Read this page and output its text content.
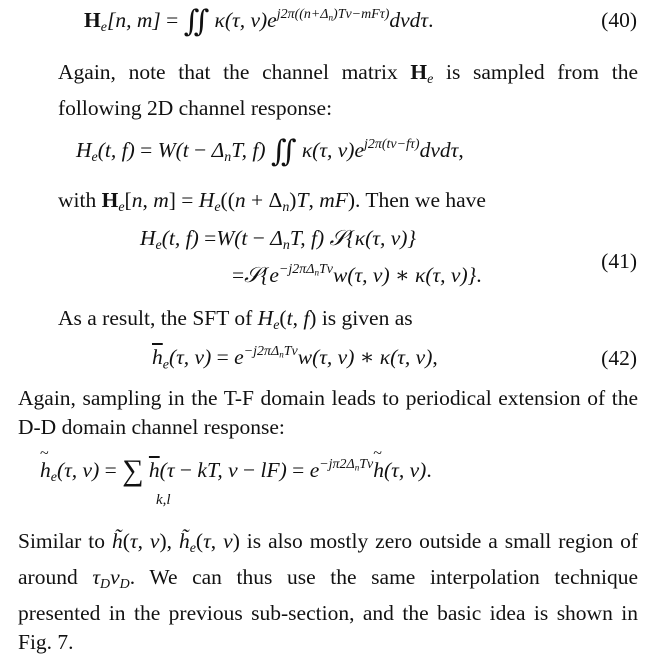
$H_e[n$, m] = ∬ κ(τ, $\nu)e^{j2\pi((n+\Delta_n)T\nu-mF\tau)}d\nu d\tau$.	(40)

Again, note that the channel matrix $H_e$ is sampled from the following 2D channel response:

$H_e(t$, $f) = W(t - \Delta_nT$, f) ∬ κ(τ, $\nu)e^{j2\pi(t\nu-f\tau)}d\nu d\tau$,

with $H_e[n$, $m] = H_e((n + \Delta_n)T$, mF). Then we have

$H_e(t$, $f) =W(t - \Delta_nT$, f) 𝒮{κ(τ, ν)}
$=𝒮\{e^{-j2\pi\Delta_nT\nu}w(\tau$, ν) ∗ κ(τ, ν)}.
(41)

As a result, the SFT of $H_e(t$, f) is given as

$\overline{h}_e(\tau$, $\nu) = e^{-j2\pi\Delta_nT\nu}w(\tau$, ν) ∗ κ(τ, ν),	(42)

Again, sampling in the T-F domain leads to periodical extension of the D-D domain channel response:

~ $h_e(\tau$, ν) = ∑ $\overline{h}(\tau$ − kT, $\nu - lF) = e^{-j\pi 2\Delta_nT\nu}\sim$ h(τ, ν).
k,l

Similar to h̃(τ, ν), $h̃_e(\tau$, ν) is also mostly zero outside a small region of around $\tau_D\nu_D$. We can thus use the same interpolation technique presented in the previous sub-section, and the basic idea is shown in Fig. 7.
